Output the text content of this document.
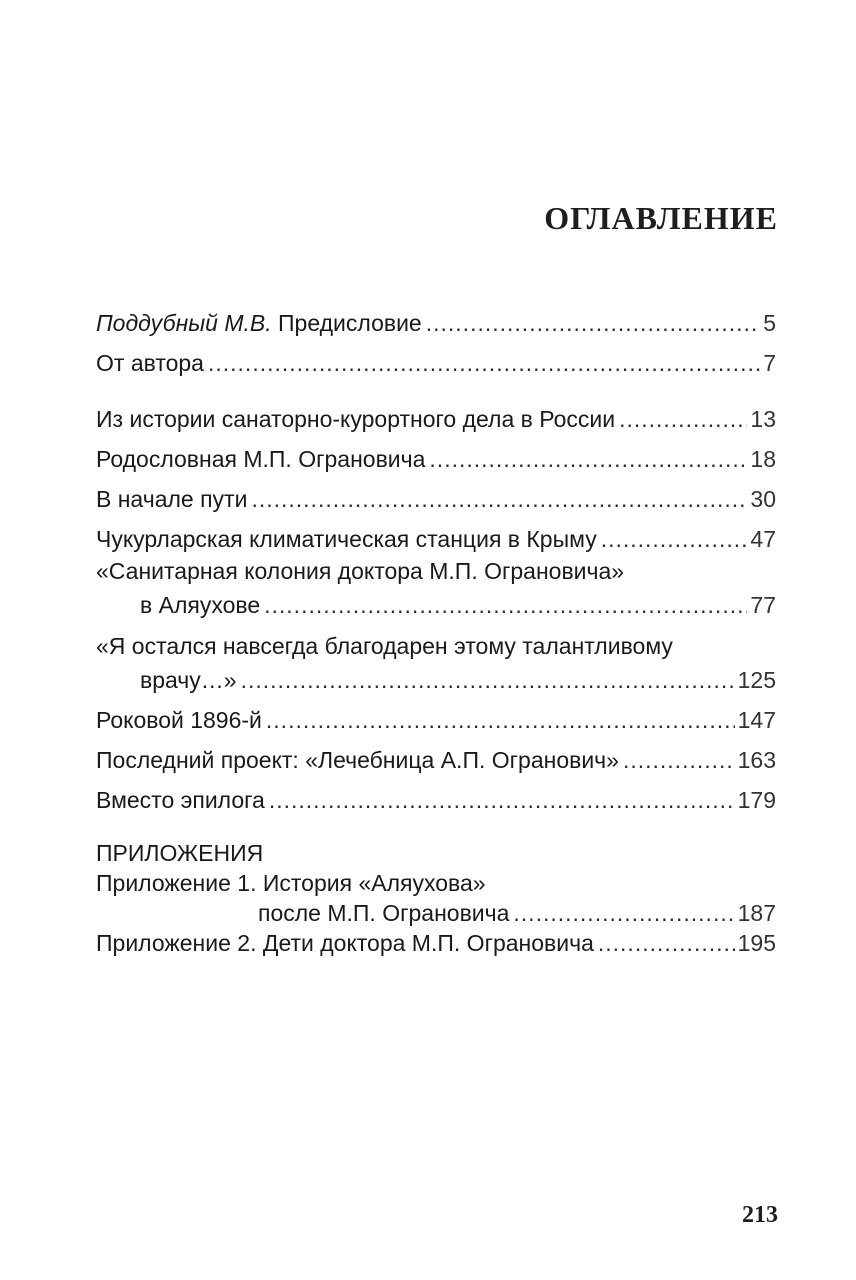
ОГЛАВЛЕНИЕ
Поддубный М.В. Предисловие .....	5
От автора .....	7
Из истории санаторно-курортного дела в России .....	13
Родословная М.П. Ограновича .....	18
В начале пути .....	30
Чукурларская климатическая станция в Крыму .....	47
«Санитарная колония доктора М.П. Ограновича»
в Аляухове .....	77
«Я остался навсегда благодарен этому талантливому
врачу…» .....	125
Роковой 1896-й .....	147
Последний проект: «Лечебница А.П. Огранович» .....	163
Вместо эпилога .....	179
ПРИЛОЖЕНИЯ
Приложение 1. История «Аляухова»
после М.П. Ограновича .....	187
Приложение 2. Дети доктора М.П. Ограновича .....	195
213
